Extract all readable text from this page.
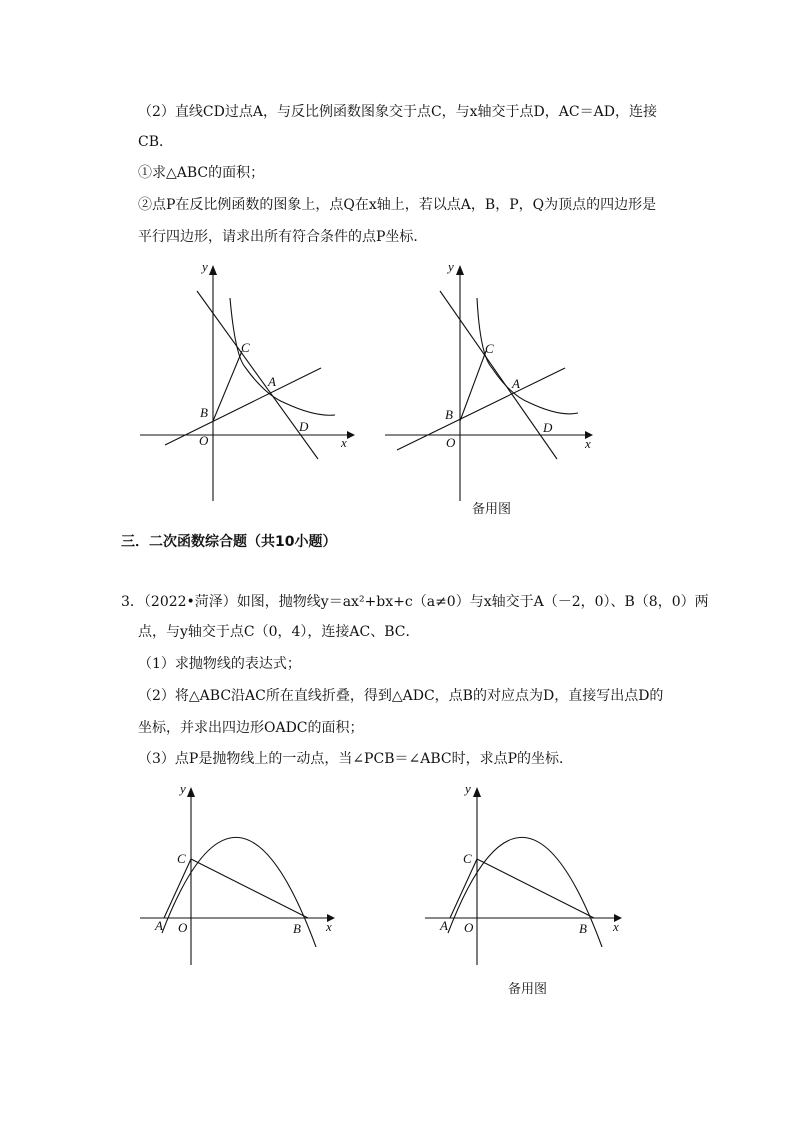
（2）直线CD过点A，与反比例函数图象交于点C，与x轴交于点D，AC＝AD，连接
CB．
①求△ABC的面积；
②点P在反比例函数的图象上，点Q在x轴上，若以点A，B，P，Q为顶点的四边形是
平行四边形，请求出所有符合条件的点P坐标．
y
x
C
A
B
O
D
y
x
C
A
B
O
D
备用图
三．二次函数综合题（共10小题）
3．（2022•菏泽）如图，抛物线y＝ax²+bx+c（a≠0）与x轴交于A（－2，0）、B（8，0）两
点，与y轴交于点C（0，4），连接AC、BC．
（1）求抛物线的表达式；
（2）将△ABC沿AC所在直线折叠，得到△ADC，点B的对应点为D，直接写出点D的
坐标，并求出四边形OADC的面积；
（3）点P是抛物线上的一动点，当∠PCB＝∠ABC时，求点P的坐标．
y
x
C
A O	B
y
x
C
A O	B
备用图
